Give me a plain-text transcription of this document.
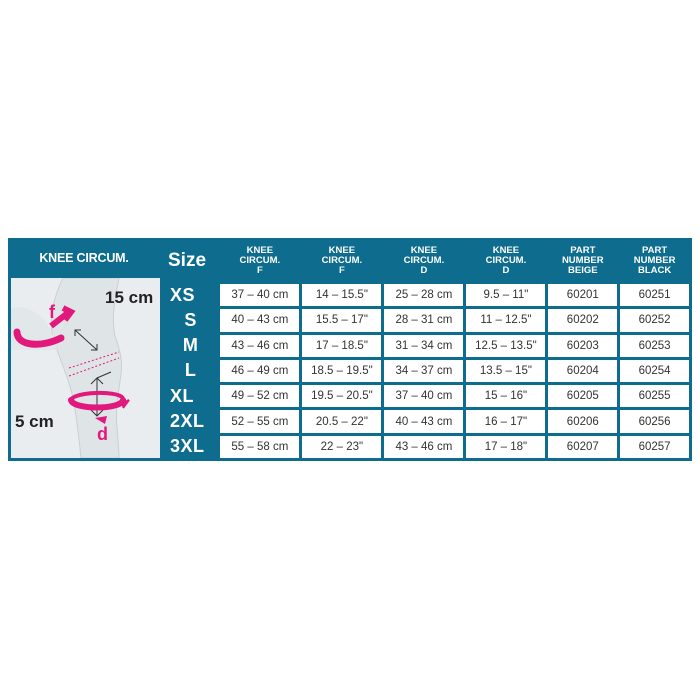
KNEE CIRCUM.
15 cm
5 cm
f
d
Size	KNEE
CIRCUM.
F	KNEE
CIRCUM.
F	KNEE
CIRCUM.
D	KNEE
CIRCUM.
D	PART
NUMBER
BEIGE	PART
NUMBER
BLACK
XS	37 – 40 cm	14 – 15.5"	25 – 28 cm	9.5 – 11"	60201	60251
S	40 – 43 cm	15.5 – 17"	28 – 31 cm	11 – 12.5"	60202	60252
M	43 – 46 cm	17 – 18.5"	31 – 34 cm	12.5 – 13.5"	60203	60253
L	46 – 49 cm	18.5 – 19.5"	34 – 37 cm	13.5 – 15"	60204	60254
XL	49 – 52 cm	19.5 – 20.5"	37 – 40 cm	15 – 16"	60205	60255
2XL	52 – 55 cm	20.5 – 22"	40 – 43 cm	16 – 17"	60206	60256
3XL	55 – 58 cm	22 – 23"	43 – 46 cm	17 – 18"	60207	60257
